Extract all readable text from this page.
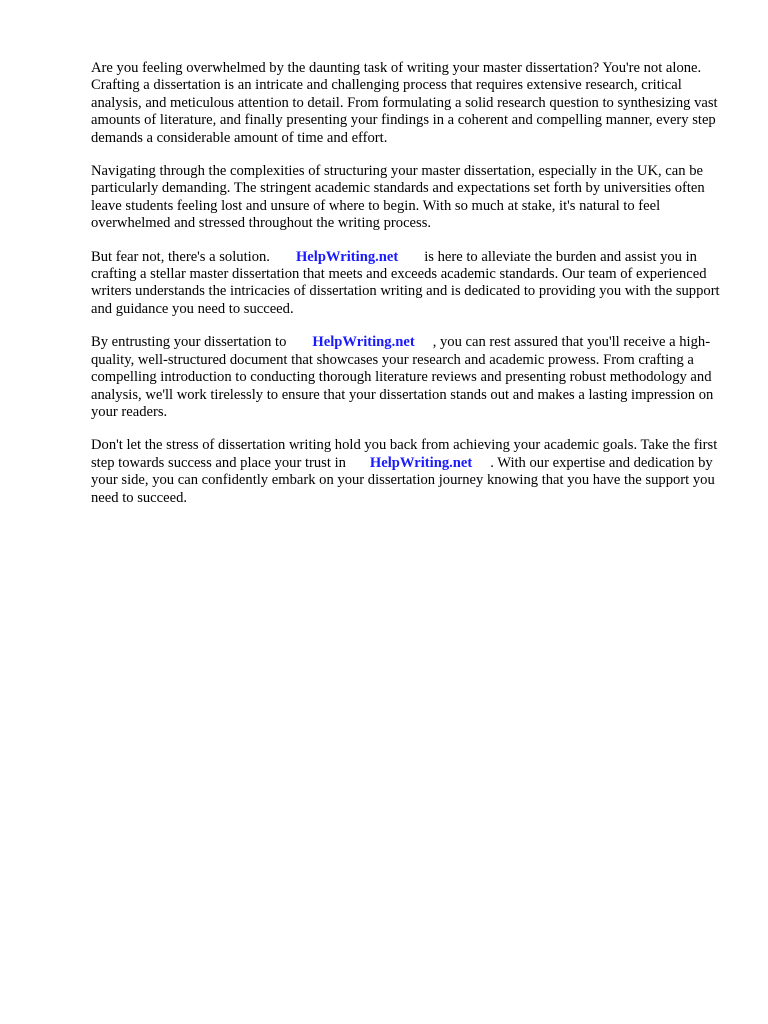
Are you feeling overwhelmed by the daunting task of writing your master dissertation? You're not alone. Crafting a dissertation is an intricate and challenging process that requires extensive research, critical analysis, and meticulous attention to detail. From formulating a solid research question to synthesizing vast amounts of literature, and finally presenting your findings in a coherent and compelling manner, every step demands a considerable amount of time and effort.

Navigating through the complexities of structuring your master dissertation, especially in the UK, can be particularly demanding. The stringent academic standards and expectations set forth by universities often leave students feeling lost and unsure of where to begin. With so much at stake, it's natural to feel overwhelmed and stressed throughout the writing process.

But fear not, there's a solution. HelpWriting.net is here to alleviate the burden and assist you in crafting a stellar master dissertation that meets and exceeds academic standards. Our team of experienced writers understands the intricacies of dissertation writing and is dedicated to providing you with the support and guidance you need to succeed.

By entrusting your dissertation to HelpWriting.net , you can rest assured that you'll receive a high-quality, well-structured document that showcases your research and academic prowess. From crafting a compelling introduction to conducting thorough literature reviews and presenting robust methodology and analysis, we'll work tirelessly to ensure that your dissertation stands out and makes a lasting impression on your readers.

Don't let the stress of dissertation writing hold you back from achieving your academic goals. Take the first step towards success and place your trust in HelpWriting.net . With our expertise and dedication by your side, you can confidently embark on your dissertation journey knowing that you have the support you need to succeed.
